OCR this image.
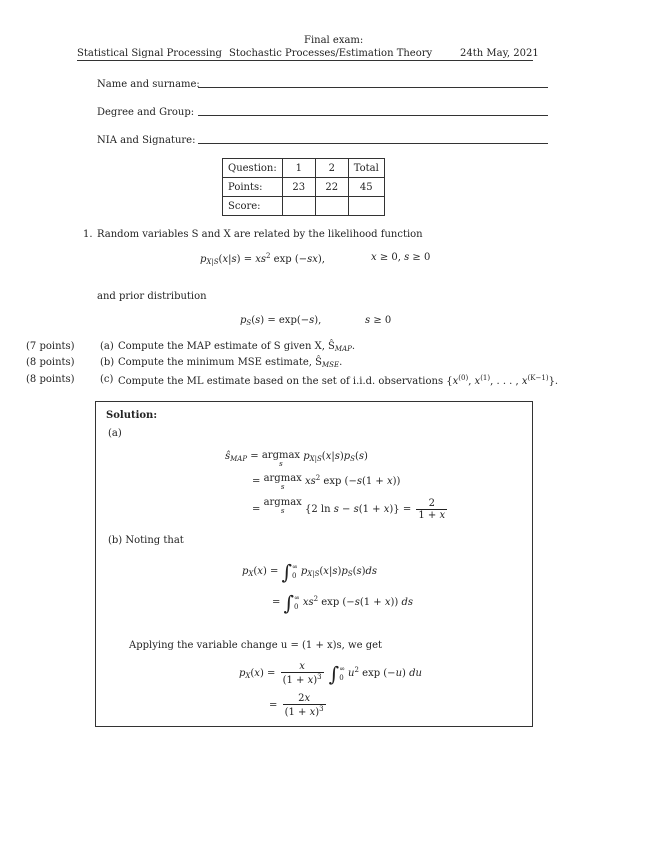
Final exam:
Statistical Signal Processing Stochastic Processes/Estimation Theory	24th May, 2021
Name and surname:
Degree and Group:
NIA and Signature:
Question:	1	2	Total
Points:	23	22	45
Score:			
1. Random variables S and X are related by the likelihood function
$p_{X|S}(x|s) = xs^2$ exp (−sx),	x ≥ 0, s ≥ 0
and prior distribution
$p_S(s) = \exp(-s)$,	s ≥ 0
(7 points)	(a) Compute the MAP estimate of S given X, $Ŝ_{MAP}$.
(8 points)	(b) Compute the minimum MSE estimate, $Ŝ_{MSE}$.
(8 points)	(c) Compute the ML estimate based on the set of i.i.d. observations {$x^{(0)}$, $x^{(1)}$, . . . , $x^{(K-1)}$}.
Solution:
(a)
$ŝ_{MAP} = argmax$
s
$p_{X|S}(x|s)p_S(s)$
= argmax
s	$xs^2$ exp (−s(1 + x))
= argmax
s	{2 $\ln s - s(1 + x)\} = \frac{2}{1 + x}$
(b) Noting that
$p_X(x)$ = ∫∞
0 $p_{X|S}(x|s)p_S(s)ds$
= ∫∞
0 $xs^2$ exp (−s(1 + x)) ds
Applying the variable change u = (1 + x)s, we get
$p_X(x) = \frac{x}{(1 + x)^3}$ ∫∞
0 $u^2$ exp (−u) du
= $\frac{2x}{(1 + x)^3}$
